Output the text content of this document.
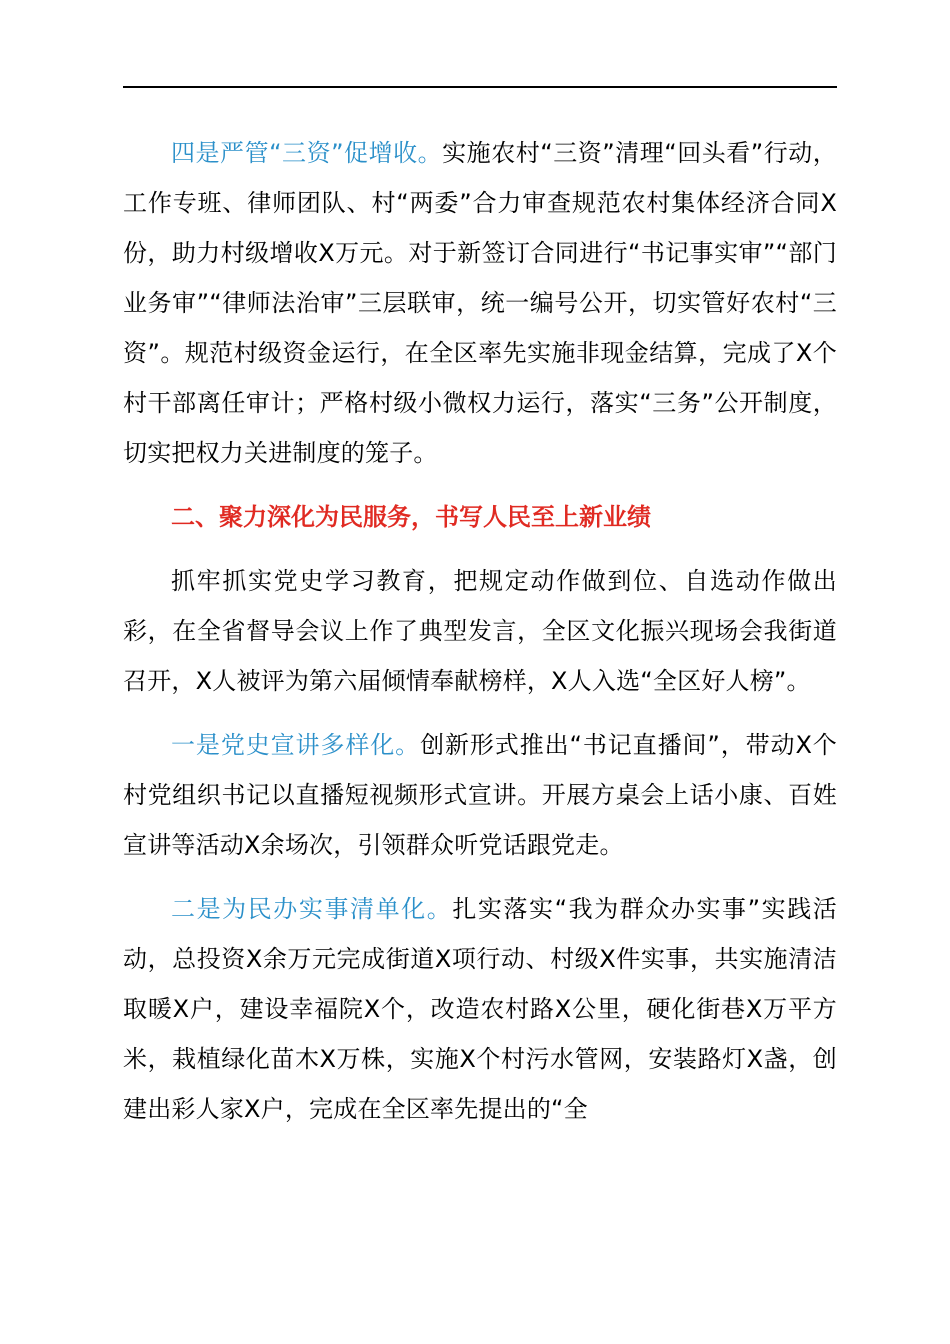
四是严管“三资”促增收。实施农村“三资”清理“回头看”行动，工作专班、律师团队、村“两委”合力审查规范农村集体经济合同X份，助力村级增收X万元。对于新签订合同进行“书记事实审”“部门业务审”“律师法治审”三层联审，统一编号公开，切实管好农村“三资”。规范村级资金运行，在全区率先实施非现金结算，完成了X个村干部离任审计；严格村级小微权力运行，落实“三务”公开制度，切实把权力关进制度的笼子。

二、聚力深化为民服务，书写人民至上新业绩

抓牢抓实党史学习教育，把规定动作做到位、自选动作做出彩，在全省督导会议上作了典型发言，全区文化振兴现场会我街道召开，X人被评为第六届倾情奉献榜样，X人入选“全区好人榜”。

一是党史宣讲多样化。创新形式推出“书记直播间”，带动X个村党组织书记以直播短视频形式宣讲。开展方桌会上话小康、百姓宣讲等活动X余场次，引领群众听党话跟党走。

二是为民办实事清单化。扎实落实“我为群众办实事”实践活动，总投资X余万元完成街道X项行动、村级X件实事，共实施清洁取暖X户，建设幸福院X个，改造农村路X公里，硬化街巷X万平方米，栽植绿化苗木X万株，实施X个村污水管网，安装路灯X盏，创建出彩人家X户，完成在全区率先提出的“全
